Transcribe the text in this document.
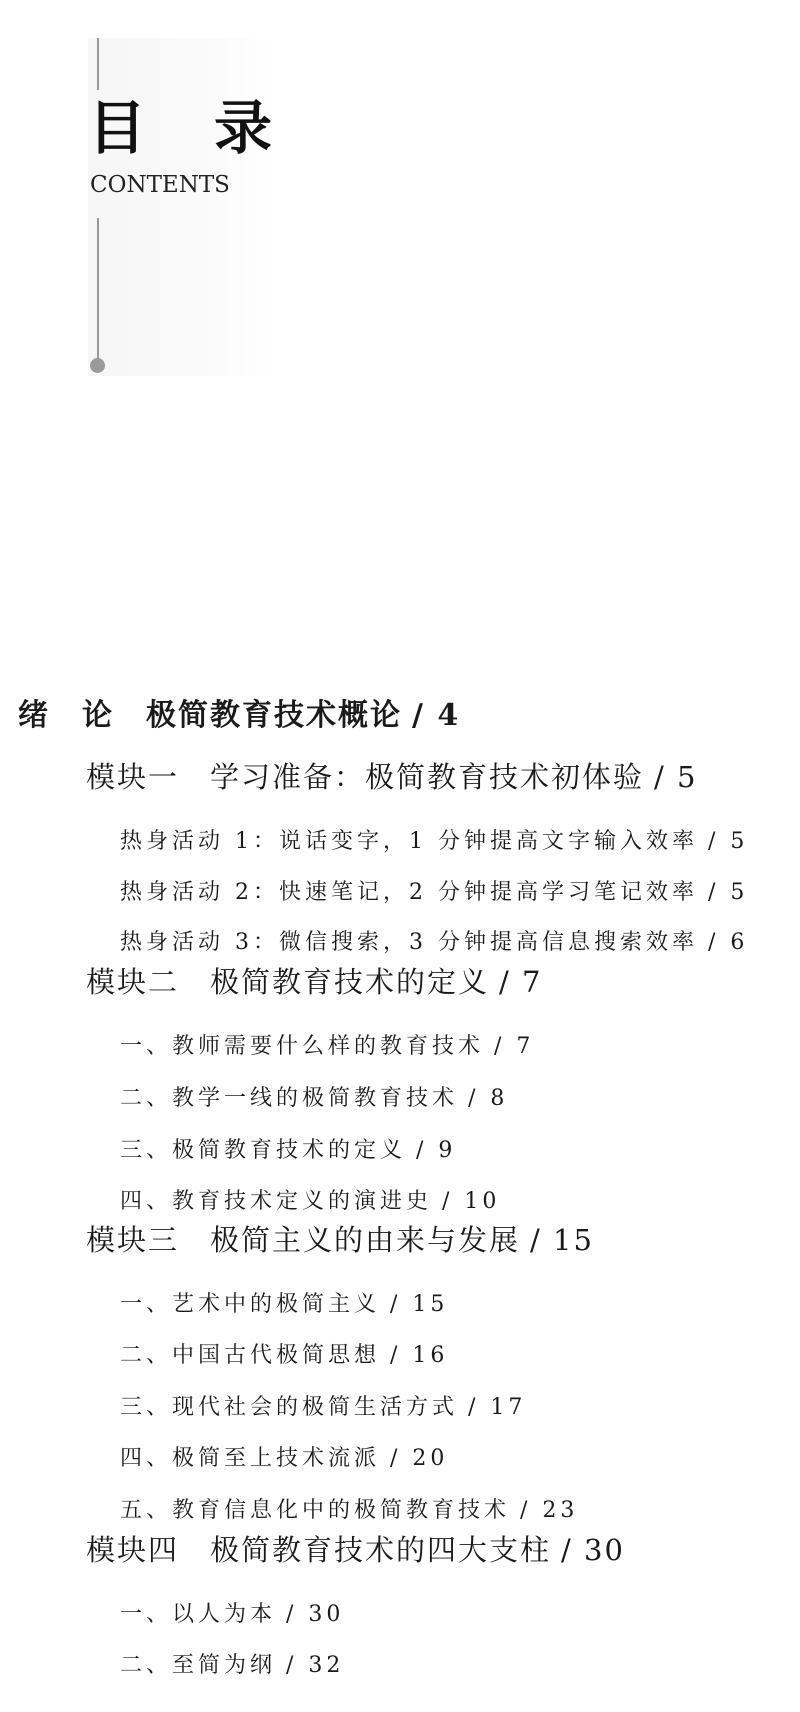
目录
CONTENTS
绪　论　极简教育技术概论 / 4
模块一　学习准备：极简教育技术初体验 / 5
热身活动 1：说话变字，1 分钟提高文字输入效率 / 5
热身活动 2：快速笔记，2 分钟提高学习笔记效率 / 5
热身活动 3：微信搜索，3 分钟提高信息搜索效率 / 6
模块二　极简教育技术的定义 / 7
一、教师需要什么样的教育技术 / 7
二、教学一线的极简教育技术 / 8
三、极简教育技术的定义 / 9
四、教育技术定义的演进史 / 10
模块三　极简主义的由来与发展 / 15
一、艺术中的极简主义 / 15
二、中国古代极简思想 / 16
三、现代社会的极简生活方式 / 17
四、极简至上技术流派 / 20
五、教育信息化中的极简教育技术 / 23
模块四　极简教育技术的四大支柱 / 30
一、以人为本 / 30
二、至简为纲 / 32
